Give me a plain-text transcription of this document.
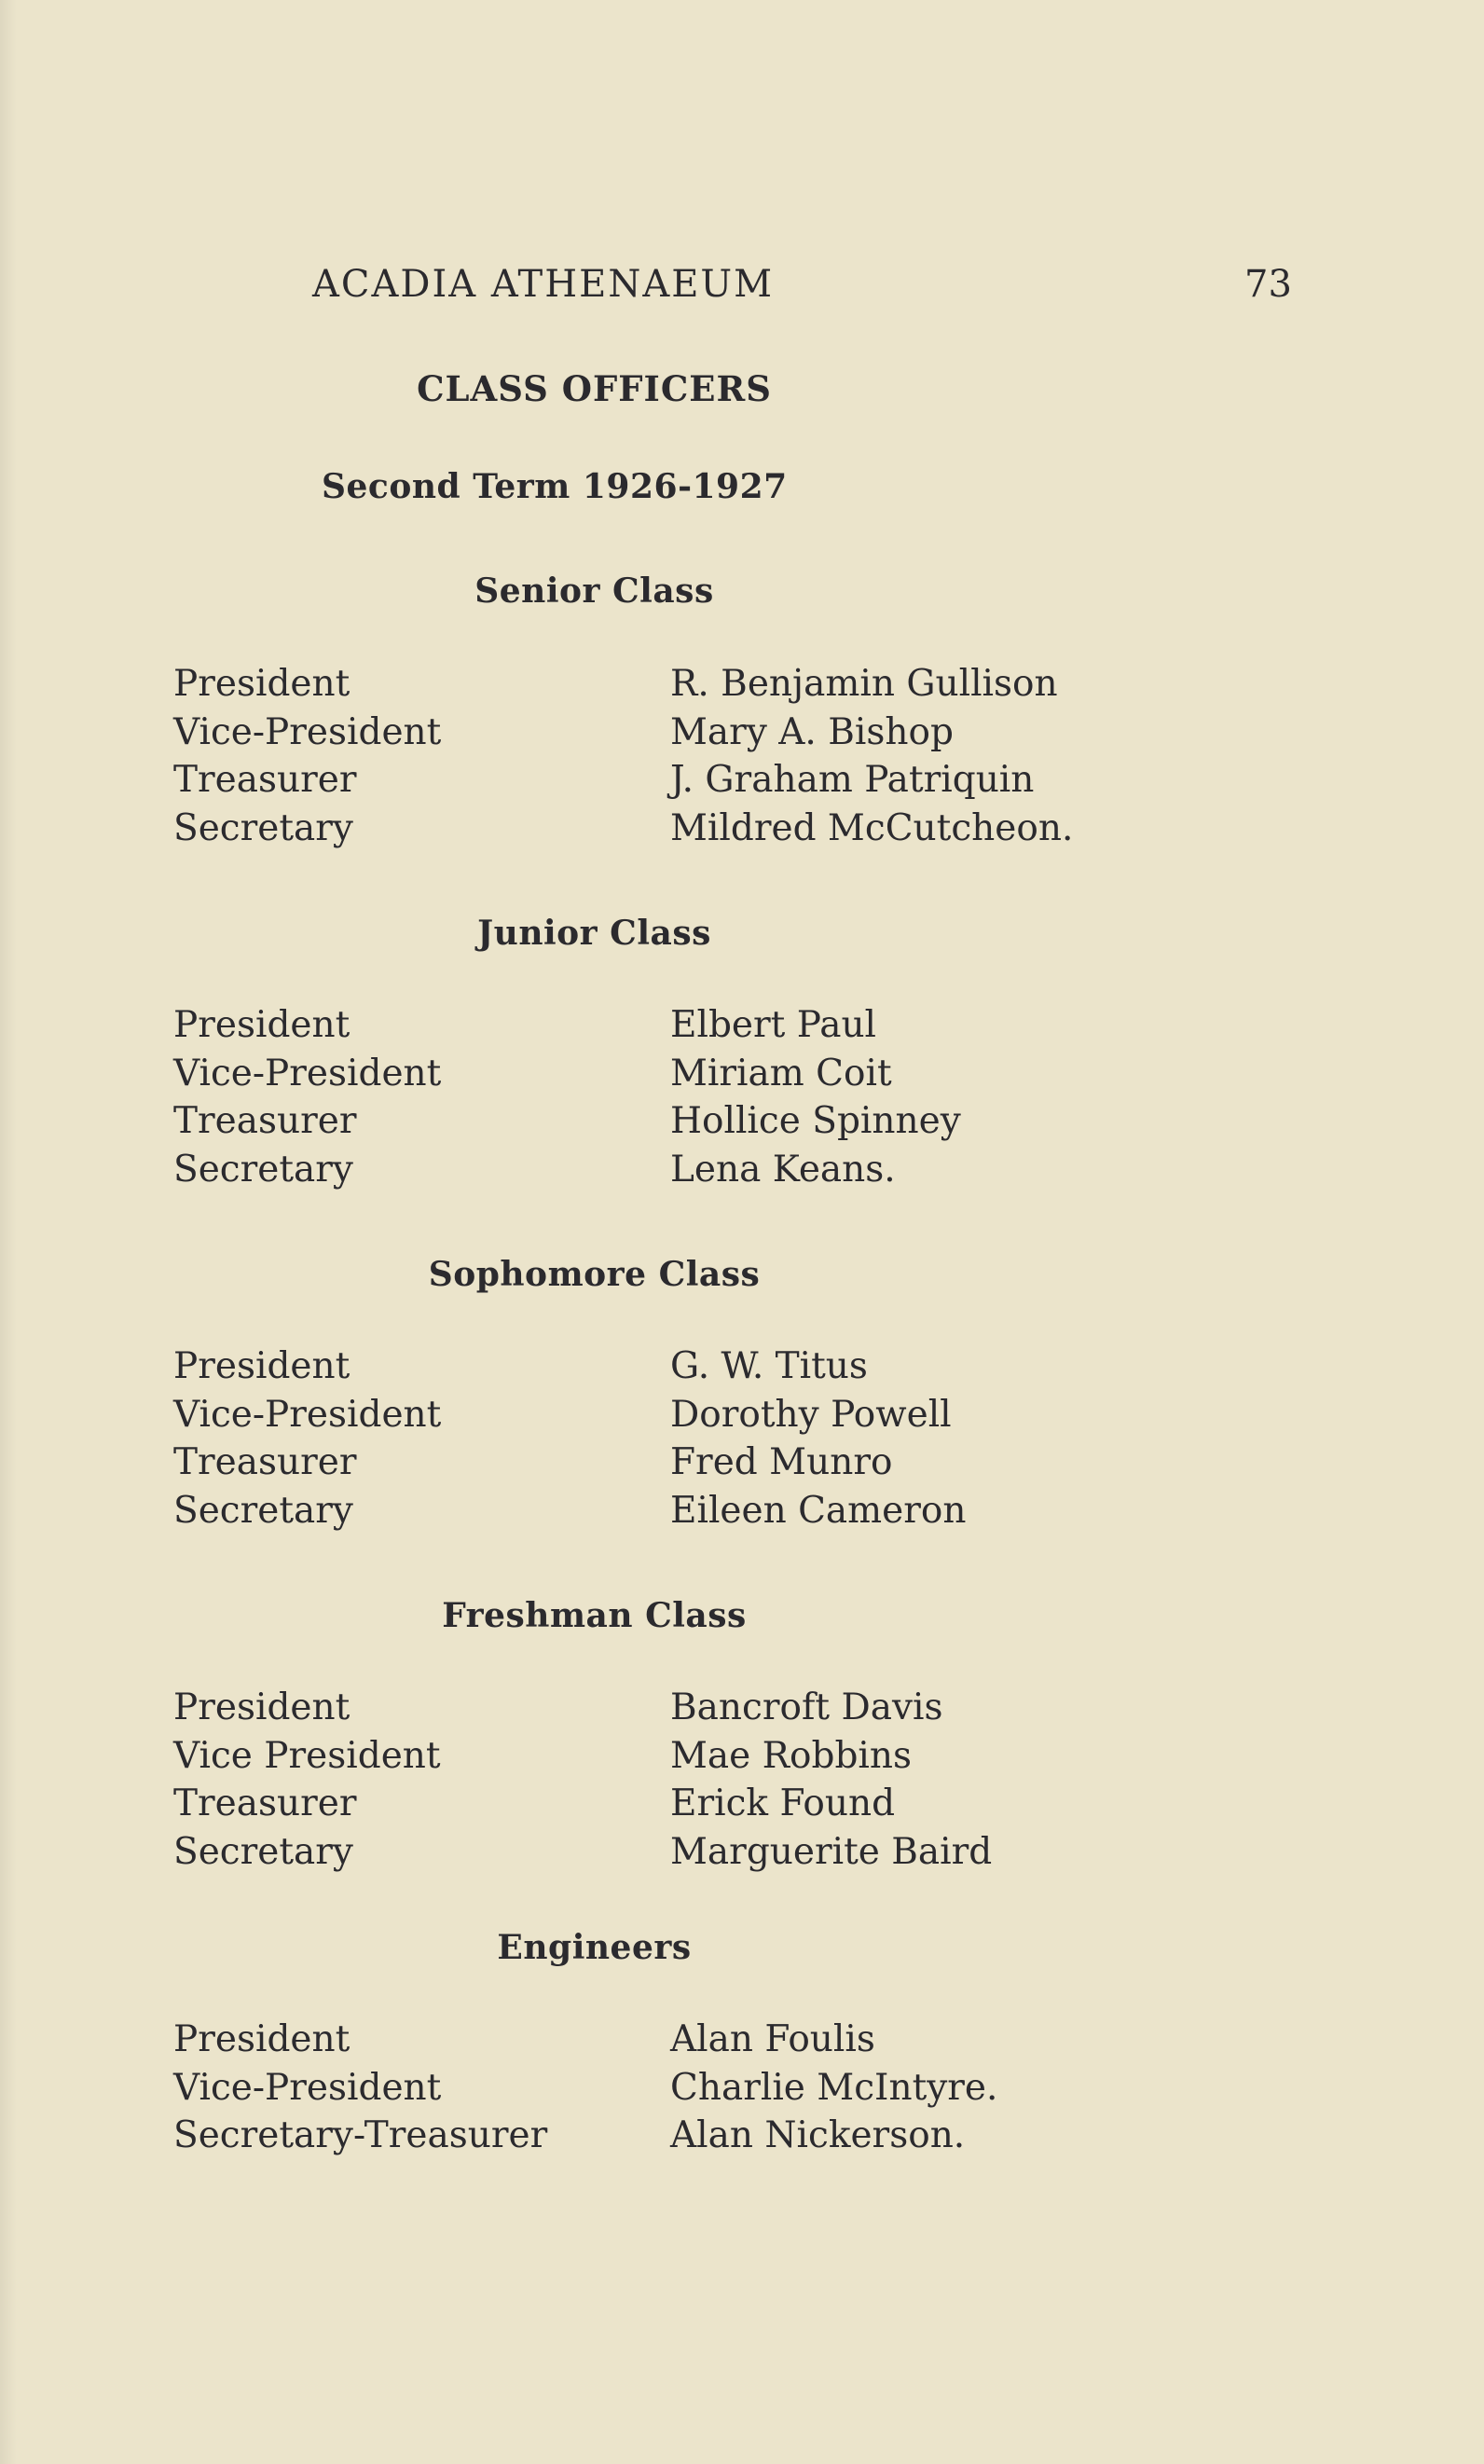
ACADIA ATHENAEUM	73
CLASS OFFICERS
Second Term 1926-1927
Senior Class
President	R. Benjamin Gullison
Vice-President	Mary A. Bishop
Treasurer	J. Graham Patriquin
Secretary	Mildred McCutcheon.
Junior Class
President	Elbert Paul
Vice-President	Miriam Coit
Treasurer	Hollice Spinney
Secretary	Lena Keans.
Sophomore Class
President	G. W. Titus
Vice-President	Dorothy Powell
Treasurer	Fred Munro
Secretary	Eileen Cameron
Freshman Class
President	Bancroft Davis
Vice President	Mae Robbins
Treasurer	Erick Found
Secretary	Marguerite Baird
Engineers
President	Alan Foulis
Vice-President	Charlie McIntyre.
Secretary-Treasurer	Alan Nickerson.
